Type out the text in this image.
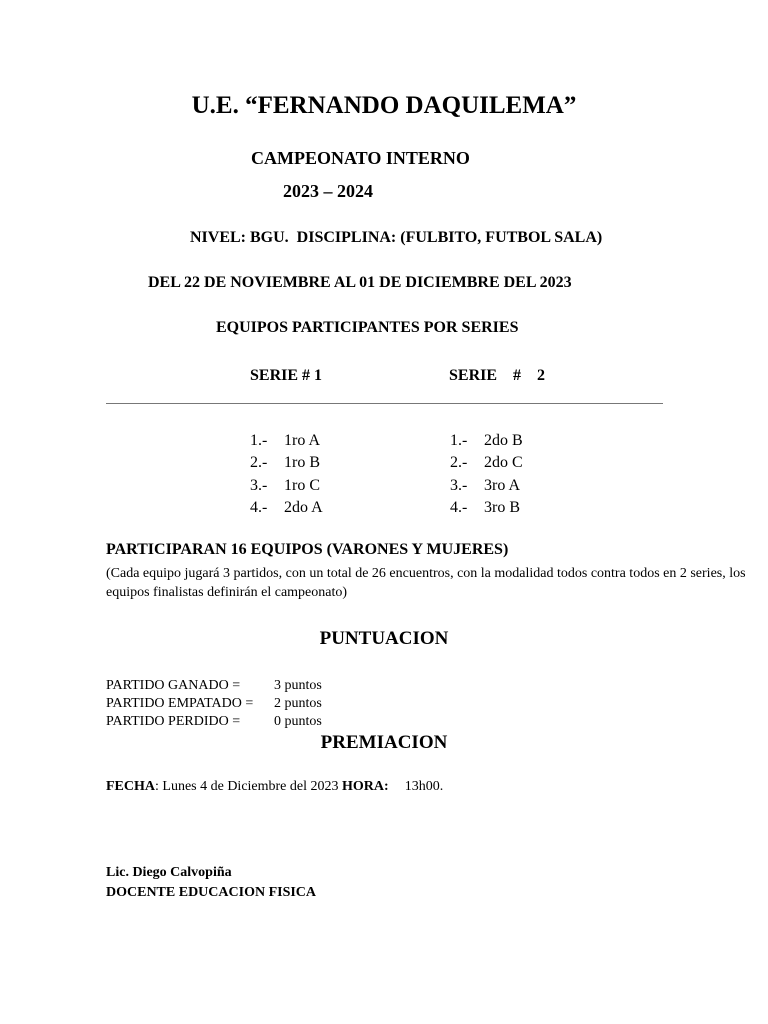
U.E. “FERNANDO DAQUILEMA”
CAMPEONATO INTERNO
2023 – 2024
NIVEL: BGU.  DISCIPLINA: (FULBITO, FUTBOL SALA)
DEL 22 DE NOVIEMBRE AL 01 DE DICIEMBRE DEL 2023
EQUIPOS PARTICIPANTES POR SERIES
SERIE # 1	SERIE  #  2
1.- 1ro A
2.- 1ro B
3.- 1ro C
4.- 2do A
1.- 2do B
2.- 2do C
3.- 3ro A
4.- 3ro B
PARTICIPARAN 16 EQUIPOS (VARONES Y MUJERES)
(Cada equipo jugará 3 partidos, con un total de 26 encuentros, con la modalidad todos contra todos en 2 series, los equipos finalistas definirán el campeonato)
PUNTUACION
PARTIDO GANADO = 3 puntos
PARTIDO EMPATADO = 2 puntos
PARTIDO PERDIDO = 0 puntos
PREMIACION
FECHA: Lunes 4 de Diciembre del 2023 HORA: 13h00.
Lic. Diego Calvopiña
DOCENTE EDUCACION FISICA
